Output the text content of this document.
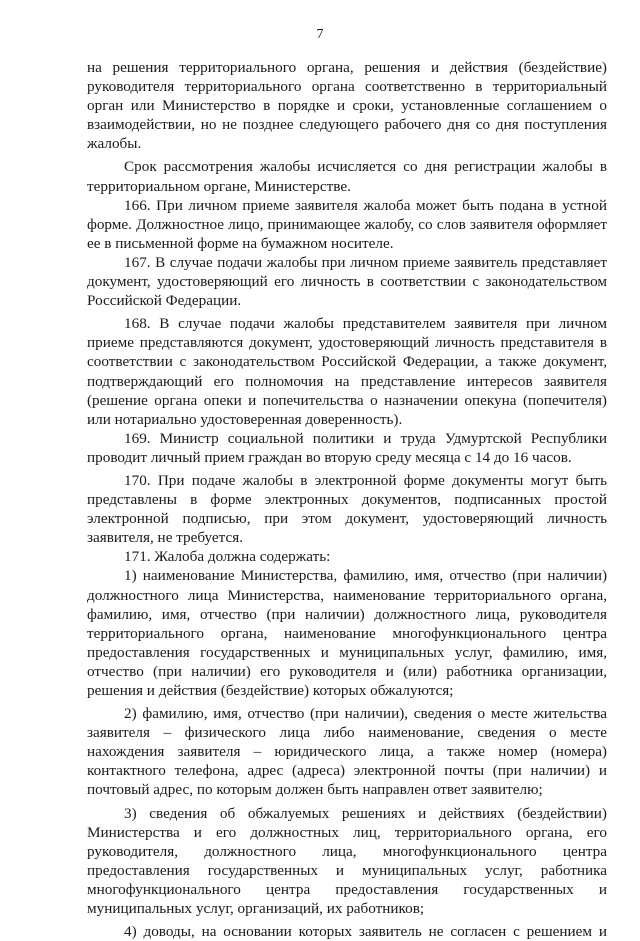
7

на решения территориального органа, решения и действия (бездействие) руководителя территориального органа соответственно в территориальный орган или Министерство в порядке и сроки, установленные соглашением о взаимодействии, но не позднее следующего рабочего дня со дня поступления жалобы.

Срок рассмотрения жалобы исчисляется со дня регистрации жалобы в территориальном органе, Министерстве.

166. При личном приеме заявителя жалоба может быть подана в устной форме. Должностное лицо, принимающее жалобу, со слов заявителя оформляет ее в письменной форме на бумажном носителе.

167. В случае подачи жалобы при личном приеме заявитель представляет документ, удостоверяющий его личность в соответствии с законодательством Российской Федерации.

168. В случае подачи жалобы представителем заявителя при личном приеме представляются документ, удостоверяющий личность представителя в соответствии с законодательством Российской Федерации, а также документ, подтверждающий его полномочия на представление интересов заявителя (решение органа опеки и попечительства о назначении опекуна (попечителя) или нотариально удостоверенная доверенность).

169. Министр социальной политики и труда Удмуртской Республики проводит личный прием граждан во вторую среду месяца с 14 до 16 часов.

170. При подаче жалобы в электронной форме документы могут быть представлены в форме электронных документов, подписанных простой электронной подписью, при этом документ, удостоверяющий личность заявителя, не требуется.

171. Жалоба должна содержать:

1) наименование Министерства, фамилию, имя, отчество (при наличии) должностного лица Министерства, наименование территориального органа, фамилию, имя, отчество (при наличии) должностного лица, руководителя территориального органа, наименование многофункционального центра предоставления государственных и муниципальных услуг, фамилию, имя, отчество (при наличии) его руководителя и (или) работника организации, решения и действия (бездействие) которых обжалуются;

2) фамилию, имя, отчество (при наличии), сведения о месте жительства заявителя – физического лица либо наименование, сведения о месте нахождения заявителя – юридического лица, а также номер (номера) контактного телефона, адрес (адреса) электронной почты (при наличии) и почтовый адрес, по которым должен быть направлен ответ заявителю;

3) сведения об обжалуемых решениях и действиях (бездействии) Министерства и его должностных лиц, территориального органа, его руководителя, должностного лица, многофункционального центра предоставления государственных и муниципальных услуг, работника многофункционального центра предоставления государственных и муниципальных услуг, организаций, их работников;

4) доводы, на основании которых заявитель не согласен с решением и
